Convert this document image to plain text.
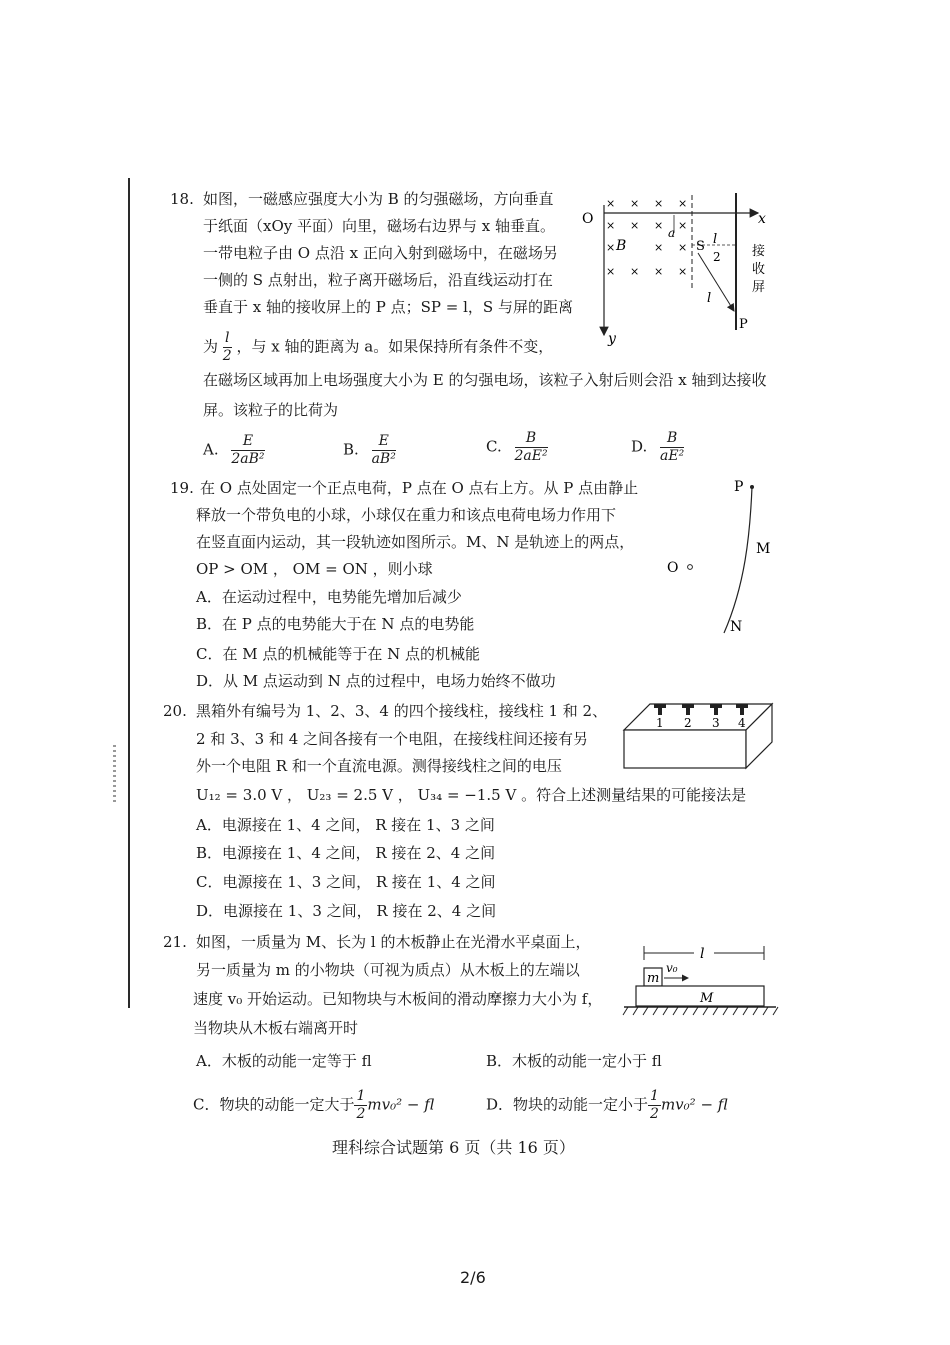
18. 如图，一磁感应强度大小为 B 的匀强磁场，方向垂直
于纸面（xOy 平面）向里，磁场右边界与 x 轴垂直。
一带电粒子由 O 点沿 x 正向入射到磁场中，在磁场另
一侧的 S 点射出，粒子离开磁场后，沿直线运动打在
垂直于 x 轴的接收屏上的 P 点；SP = l，S 与屏的距离
为 $\frac{l}{2}$ ，与 x 轴的距离为 a。如果保持所有条件不变，
在磁场区域再加上电场强度大小为 E 的匀强电场，该粒子入射后则会沿 x 轴到达接收
屏。该粒子的比荷为
A. $\frac{E}{\text{2aB²}}$	B. $\frac{E}{\text{aB²}}$	C. $\frac{B}{\text{2aE²}}$	D. $\frac{B}{\text{aE²}}$
O	x
y
B
a
S l
2
l
P
接
收
屏
× × × ×
× × × ×
×	× ×
× × × ×
19. 在 O 点处固定一个正点电荷，P 点在 O 点右上方。从 P 点由静止
释放一个带负电的小球，小球仅在重力和该点电荷电场力作用下
在竖直面内运动，其一段轨迹如图所示。M、N 是轨迹上的两点，
OP > OM ， OM = ON ，则小球
A．在运动过程中，电势能先增加后减少
B．在 P 点的电势能大于在 N 点的电势能
C．在 M 点的机械能等于在 N 点的机械能
D．从 M 点运动到 N 点的过程中，电场力始终不做功
P
M
O
N
20. 黑箱外有编号为 1、2、3、4 的四个接线柱，接线柱 1 和 2、
2 和 3、3 和 4 之间各接有一个电阻，在接线柱间还接有另
外一个电阻 R 和一个直流电源。测得接线柱之间的电压
U₁₂ = 3.0 V ， U₂₃ = 2.5 V ， U₃₄ = −1.5 V 。符合上述测量结果的可能接法是
A．电源接在 1、4 之间， R 接在 1、3 之间
B．电源接在 1、4 之间， R 接在 2、4 之间
C．电源接在 1、3 之间， R 接在 1、4 之间
D．电源接在 1、3 之间， R 接在 2、4 之间
1 2 3 4
21. 如图，一质量为 M、长为 l 的木板静止在光滑水平桌面上，
另一质量为 m 的小物块（可视为质点）从木板上的左端以
速度 v₀ 开始运动。已知物块与木板间的滑动摩擦力大小为 f，
当物块从木板右端离开时
A．木板的动能一定等于 fl	B．木板的动能一定小于 fl
C．物块的动能一定大于 $\frac{1}{2} mv_0^2$ − fl	D．物块的动能一定小于 $\frac{1}{2} mv_0^2$ − fl
l
m
v₀
M
理科综合试题第 6 页（共 16 页）
2/6
